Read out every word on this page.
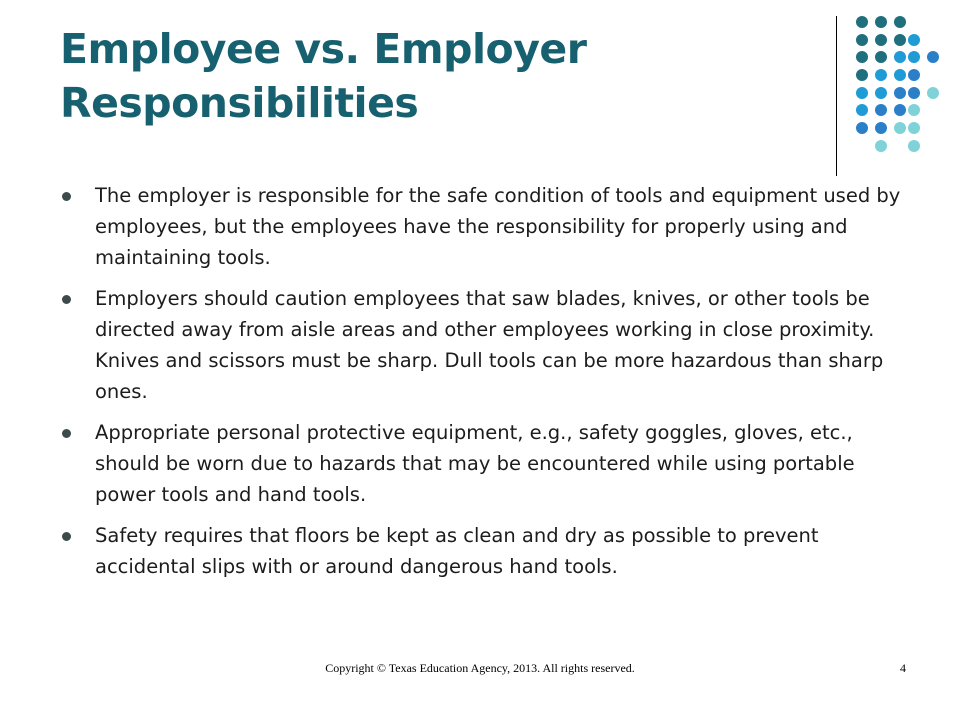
Employee vs. Employer Responsibilities
The employer is responsible for the safe condition of tools and equipment used by employees, but the employees have the responsibility for properly using and maintaining tools.
Employers should caution employees that saw blades, knives, or other tools be directed away from aisle areas and other employees working in close proximity. Knives and scissors must be sharp. Dull tools can be more hazardous than sharp ones.
Appropriate personal protective equipment, e.g., safety goggles, gloves, etc., should be worn due to hazards that may be encountered while using portable power tools and hand tools.
Safety requires that floors be kept as clean and dry as possible to prevent accidental slips with or around dangerous hand tools.
Copyright © Texas Education Agency, 2013. All rights reserved.	4
